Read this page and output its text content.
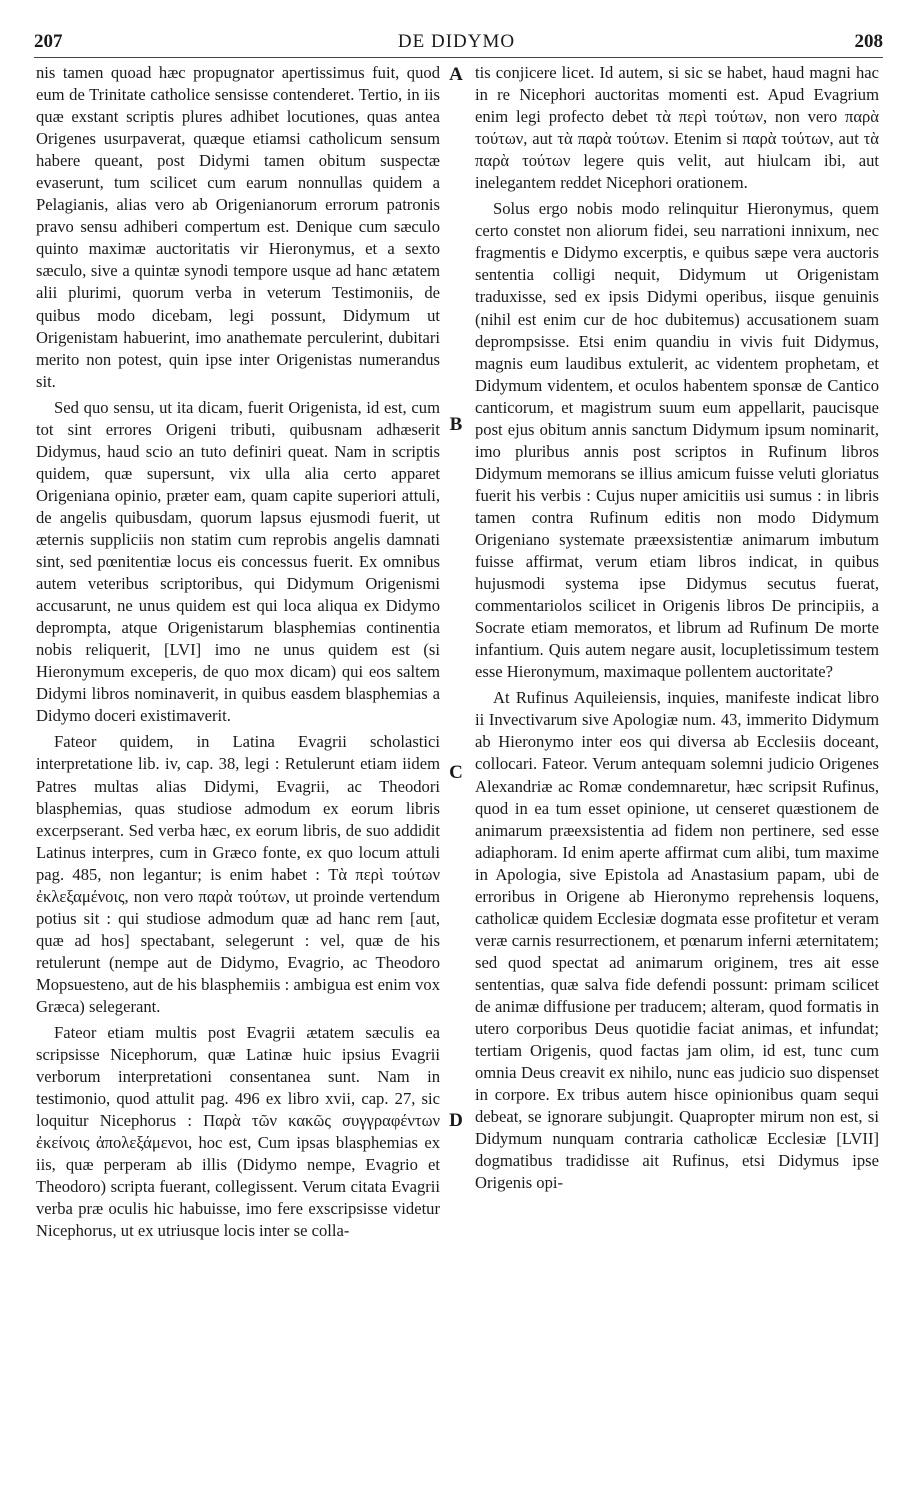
207	DE DIDYMO	208

nis tamen quoad hæc propugnator apertissimus fuit, quod eum de Trinitate catholice sensisse contenderet. Tertio, in iis quæ exstant scriptis plures adhibet locutiones, quas antea Origenes usurpaverat, quæque etiamsi catholicum sensum habere queant, post Didymi tamen obitum suspectæ evaserunt, tum scilicet cum earum nonnullas quidem a Pelagianis, alias vero ab Origenianorum errorum patronis pravo sensu adhiberi compertum est. Denique cum sæculo quinto maximæ auctoritatis vir Hieronymus, et a sexto sæculo, sive a quintæ synodi tempore usque ad hanc ætatem alii plurimi, quorum verba in veterum Testimoniis, de quibus modo dicebam, legi possunt, Didymum ut Origenistam habuerint, imo anathemate perculerint, dubitari merito non potest, quin ipse inter Origenistas numerandus sit.

Sed quo sensu, ut ita dicam, fuerit Origenista, id est, cum tot sint errores Origeni tributi, quibusnam adhæserit Didymus, haud scio an tuto definiri queat. Nam in scriptis quidem, quæ supersunt, vix ulla alia certo apparet Origeniana opinio, præter eam, quam capite superiori attuli, de angelis quibusdam, quorum lapsus ejusmodi fuerit, ut æternis suppliciis non statim cum reprobis angelis damnati sint, sed pœnitentiæ locus eis concessus fuerit. Ex omnibus autem veteribus scriptoribus, qui Didymum Origenismi accusarunt, ne unus quidem est qui loca aliqua ex Didymo deprompta, atque Origenistarum blasphemias continentia nobis reliquerit, [LVI] imo ne unus quidem est (si Hieronymum exceperis, de quo mox dicam) qui eos saltem Didymi libros nominaverit, in quibus easdem blasphemias a Didymo doceri existimaverit.

Fateor quidem, in Latina Evagrii scholastici interpretatione lib. iv, cap. 38, legi : Retulerunt etiam iidem Patres multas alias Didymi, Evagrii, ac Theodori blasphemias, quas studiose admodum ex eorum libris excerpserant. Sed verba hæc, ex eorum libris, de suo addidit Latinus interpres, cum in Græco fonte, ex quo locum attuli pag. 485, non legantur; is enim habet : Τὰ περὶ τούτων ἐκλεξαμένοις, non vero παρὰ τούτων, ut proinde vertendum potius sit : qui studiose admodum quæ ad hanc rem [aut, quæ ad hos] spectabant, selegerunt : vel, quæ de his retulerunt (nempe aut de Didymo, Evagrio, ac Theodoro Mopsuesteno, aut de his blasphemiis : ambigua est enim vox Græca) selegerant.

Fateor etiam multis post Evagrii ætatem sæculis ea scripsisse Nicephorum, quæ Latinæ huic ipsius Evagrii verborum interpretationi consentanea sunt. Nam in testimonio, quod attulit pag. 496 ex libro xvii, cap. 27, sic loquitur Nicephorus : Παρὰ τῶν κακῶς συγγραφέντων ἐκείνοις ἀπολεξάμενοι, hoc est, Cum ipsas blasphemias ex iis, quæ perperam ab illis (Didymo nempe, Evagrio et Theodoro) scripta fuerant, collegissent. Verum citata Evagrii verba præ oculis hic habuisse, imo fere exscripsisse videtur Nicephorus, ut ex utriusque locis inter se colla-

A
B
C
D

tis conjicere licet. Id autem, si sic se habet, haud magni hac in re Nicephori auctoritas momenti est. Apud Evagrium enim legi profecto debet τὰ περὶ τούτων, non vero παρὰ τούτων, aut τὰ παρὰ τούτων. Etenim si παρὰ τούτων, aut τὰ παρὰ τούτων legere quis velit, aut hiulcam ibi, aut inelegantem reddet Nicephori orationem.

Solus ergo nobis modo relinquitur Hieronymus, quem certo constet non aliorum fidei, seu narrationi innixum, nec fragmentis e Didymo excerptis, e quibus sæpe vera auctoris sententia colligi nequit, Didymum ut Origenistam traduxisse, sed ex ipsis Didymi operibus, iisque genuinis (nihil est enim cur de hoc dubitemus) accusationem suam deprompsisse. Etsi enim quandiu in vivis fuit Didymus, magnis eum laudibus extulerit, ac videntem prophetam, et Didymum videntem, et oculos habentem sponsæ de Cantico canticorum, et magistrum suum eum appellarit, paucisque post ejus obitum annis sanctum Didymum ipsum nominarit, imo pluribus annis post scriptos in Rufinum libros Didymum memorans se illius amicum fuisse veluti gloriatus fuerit his verbis : Cujus nuper amicitiis usi sumus : in libris tamen contra Rufinum editis non modo Didymum Origeniano systemate præexsistentiæ animarum imbutum fuisse affirmat, verum etiam libros indicat, in quibus hujusmodi systema ipse Didymus secutus fuerat, commentariolos scilicet in Origenis libros De principiis, a Socrate etiam memoratos, et librum ad Rufinum De morte infantium. Quis autem negare ausit, locupletissimum testem esse Hieronymum, maximaque pollentem auctoritate?

At Rufinus Aquileiensis, inquies, manifeste indicat libro ii Invectivarum sive Apologiæ num. 43, immerito Didymum ab Hieronymo inter eos qui diversa ab Ecclesiis doceant, collocari. Fateor. Verum antequam solemni judicio Origenes Alexandriæ ac Romæ condemnaretur, hæc scripsit Rufinus, quod in ea tum esset opinione, ut censeret quæstionem de animarum præexsistentia ad fidem non pertinere, sed esse adiaphoram. Id enim aperte affirmat cum alibi, tum maxime in Apologia, sive Epistola ad Anastasium papam, ubi de erroribus in Origene ab Hieronymo reprehensis loquens, catholicæ quidem Ecclesiæ dogmata esse profitetur et veram veræ carnis resurrectionem, et pœnarum inferni æternitatem; sed quod spectat ad animarum originem, tres ait esse sententias, quæ salva fide defendi possunt: primam scilicet de animæ diffusione per traducem; alteram, quod formatis in utero corporibus Deus quotidie faciat animas, et infundat; tertiam Origenis, quod factas jam olim, id est, tunc cum omnia Deus creavit ex nihilo, nunc eas judicio suo dispenset in corpore. Ex tribus autem hisce opinionibus quam sequi debeat, se ignorare subjungit. Quapropter mirum non est, si Didymum nunquam contraria catholicæ Ecclesiæ [LVII] dogmatibus tradidisse ait Rufinus, etsi Didymus ipse Origenis opi-
